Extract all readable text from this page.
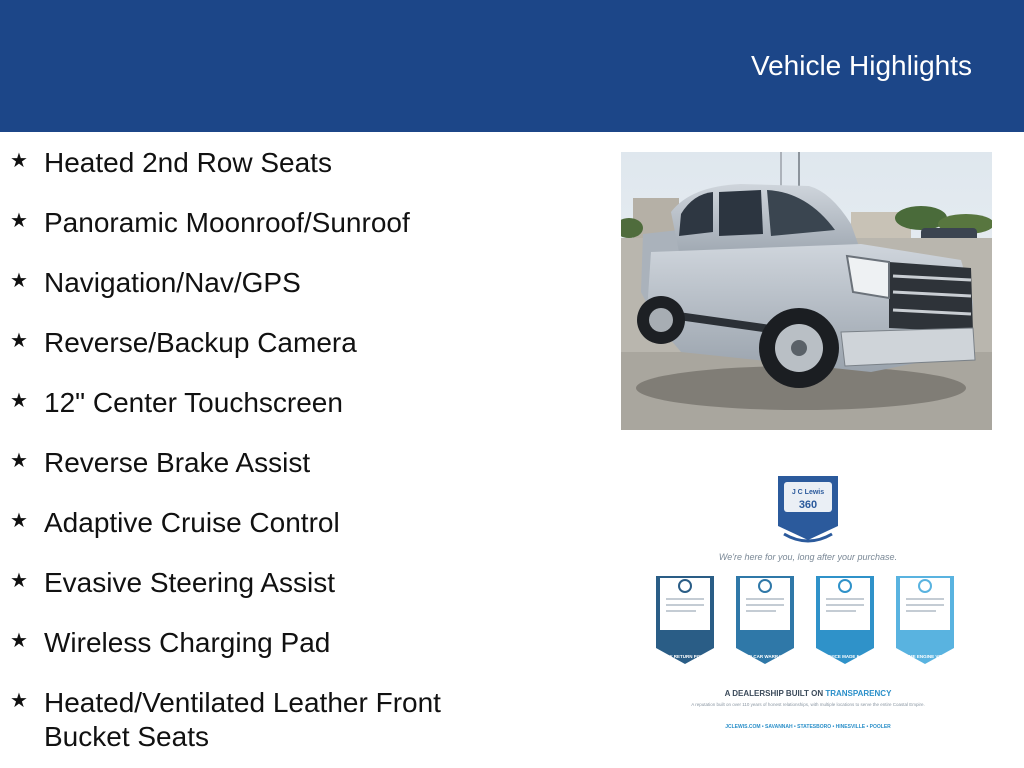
Vehicle Highlights
★ Heated 2nd Row Seats
★ Panoramic Moonroof/Sunroof
★ Navigation/Nav/GPS
★ Reverse/Backup Camera
★ 12" Center Touchscreen
★ Reverse Brake Assist
★ Adaptive Cruise Control
★ Evasive Steering Assist
★ Wireless Charging Pad
★ Heated/Ventilated Leather Front Bucket Seats
J C Lewis
360
We're here for you, long after your purchase.
7-DAY RETURN POLICY	USED CAR WARRANTY	SERVICE MADE EASY	LIFETIME ENGINE VEHICLE
A DEALERSHIP BUILT ON TRANSPARENCY
A reputation built on over 110 years of honest relationships, with multiple locations to serve the entire Coastal Empire.
JCLEWIS.COM • SAVANNAH • STATESBORO • HINESVILLE • POOLER
